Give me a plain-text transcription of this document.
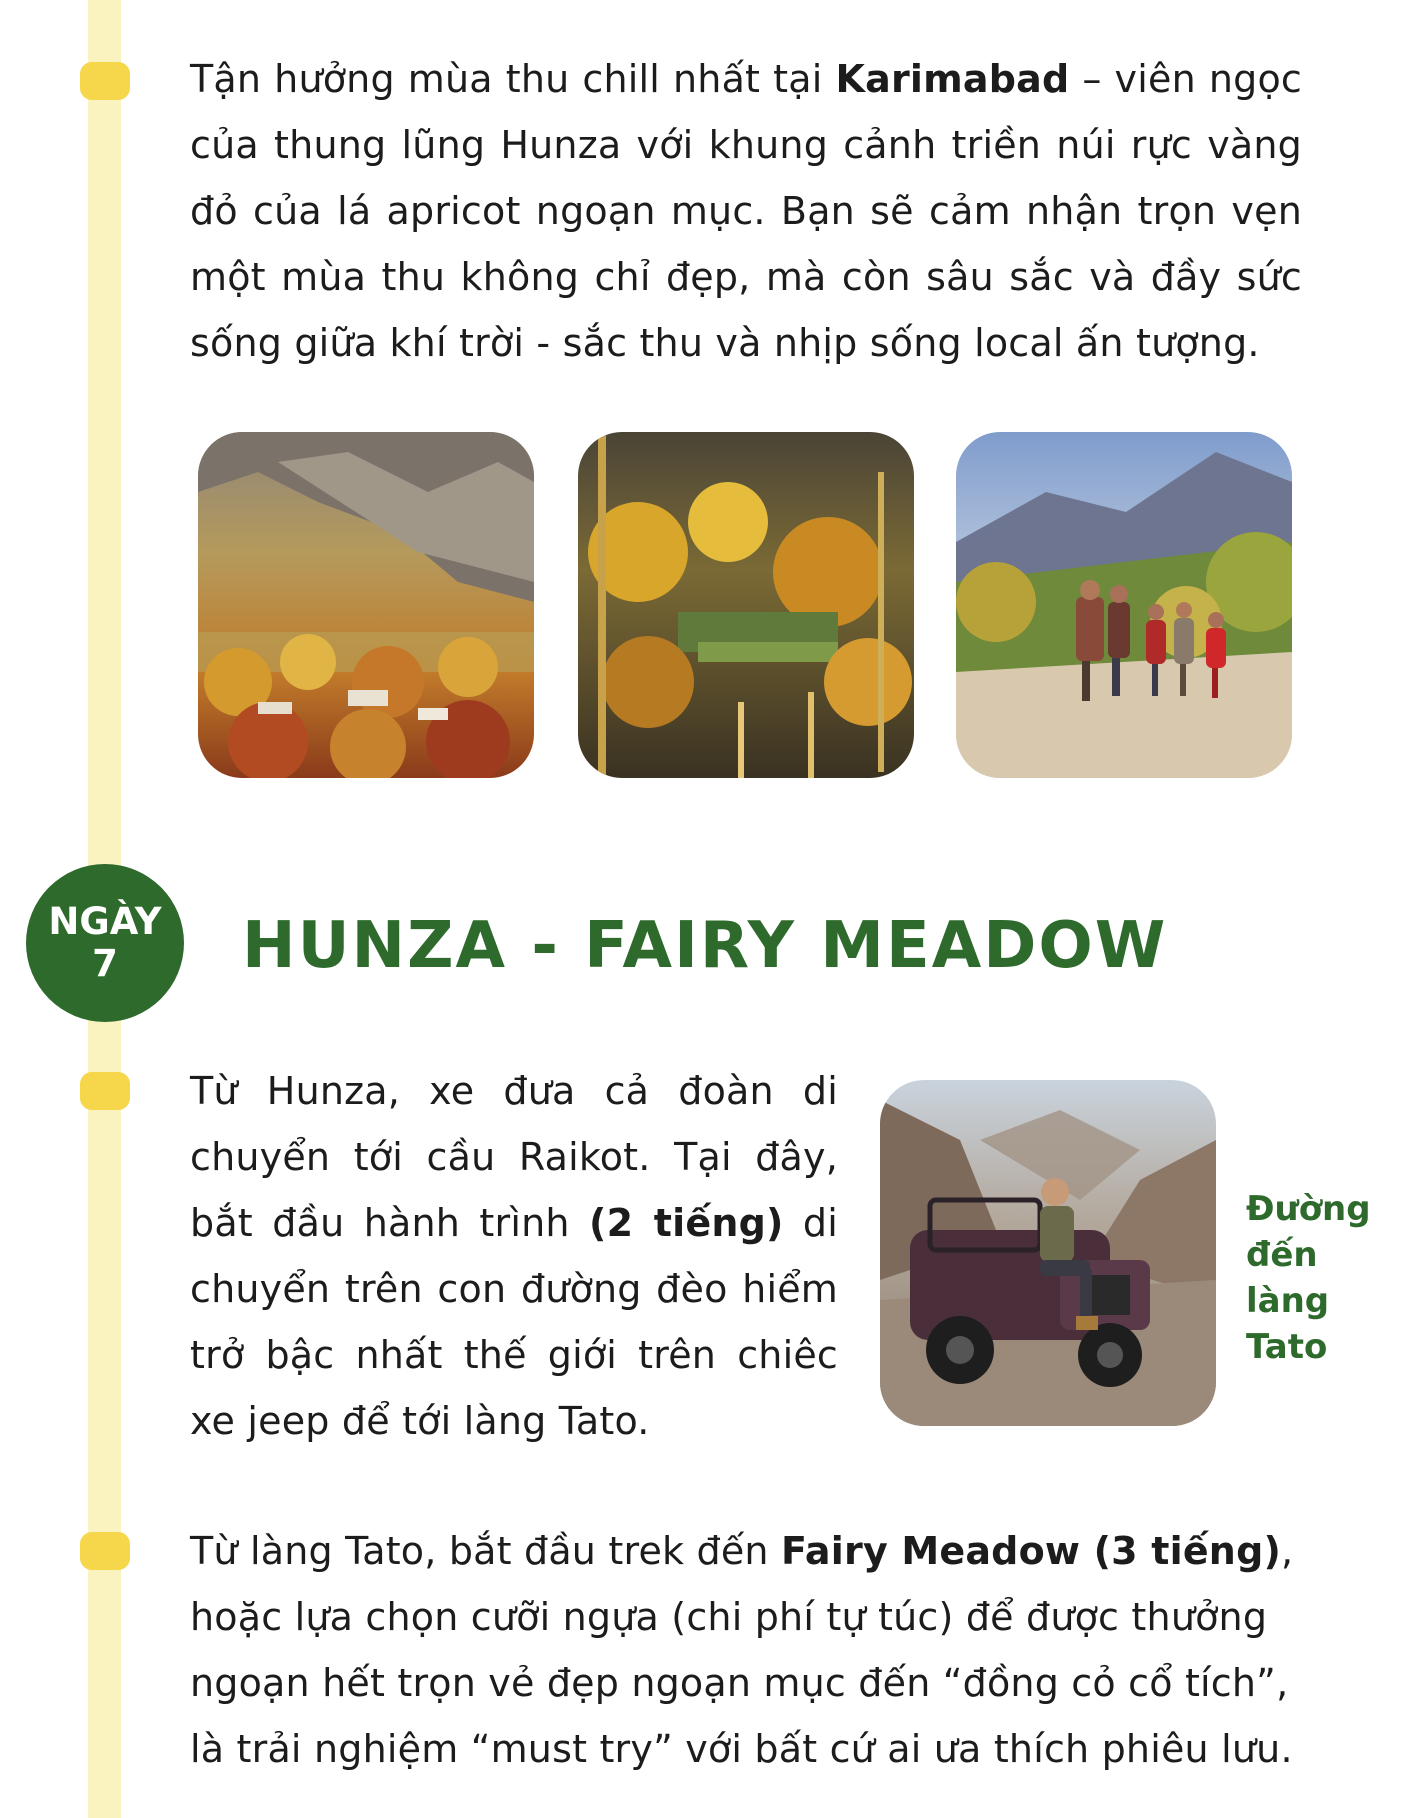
Tận hưởng mùa thu chill nhất tại Karimabad – viên ngọc của thung lũng Hunza với khung cảnh triền núi rực vàng đỏ của lá apricot ngoạn mục. Bạn sẽ cảm nhận trọn vẹn một mùa thu không chỉ đẹp, mà còn sâu sắc và đầy sức sống giữa khí trời - sắc thu và nhịp sống local ấn tượng.

NGÀY
7 HUNZA - FAIRY MEADOW

Từ Hunza, xe đưa cả đoàn di chuyển tới cầu Raikot. Tại đây, bắt đầu hành trình (2 tiếng) di chuyển trên con đường đèo hiểm trở bậc nhất thế giới trên chiêc xe jeep để tới làng Tato.

Đường đến làng Tato

Từ làng Tato, bắt đầu trek đến Fairy Meadow (3 tiếng), hoặc lựa chọn cưỡi ngựa (chi phí tự túc) để được thưởng ngoạn hết trọn vẻ đẹp ngoạn mục đến “đồng cỏ cổ tích”, là trải nghiệm “must try” với bất cứ ai ưa thích phiêu lưu.
